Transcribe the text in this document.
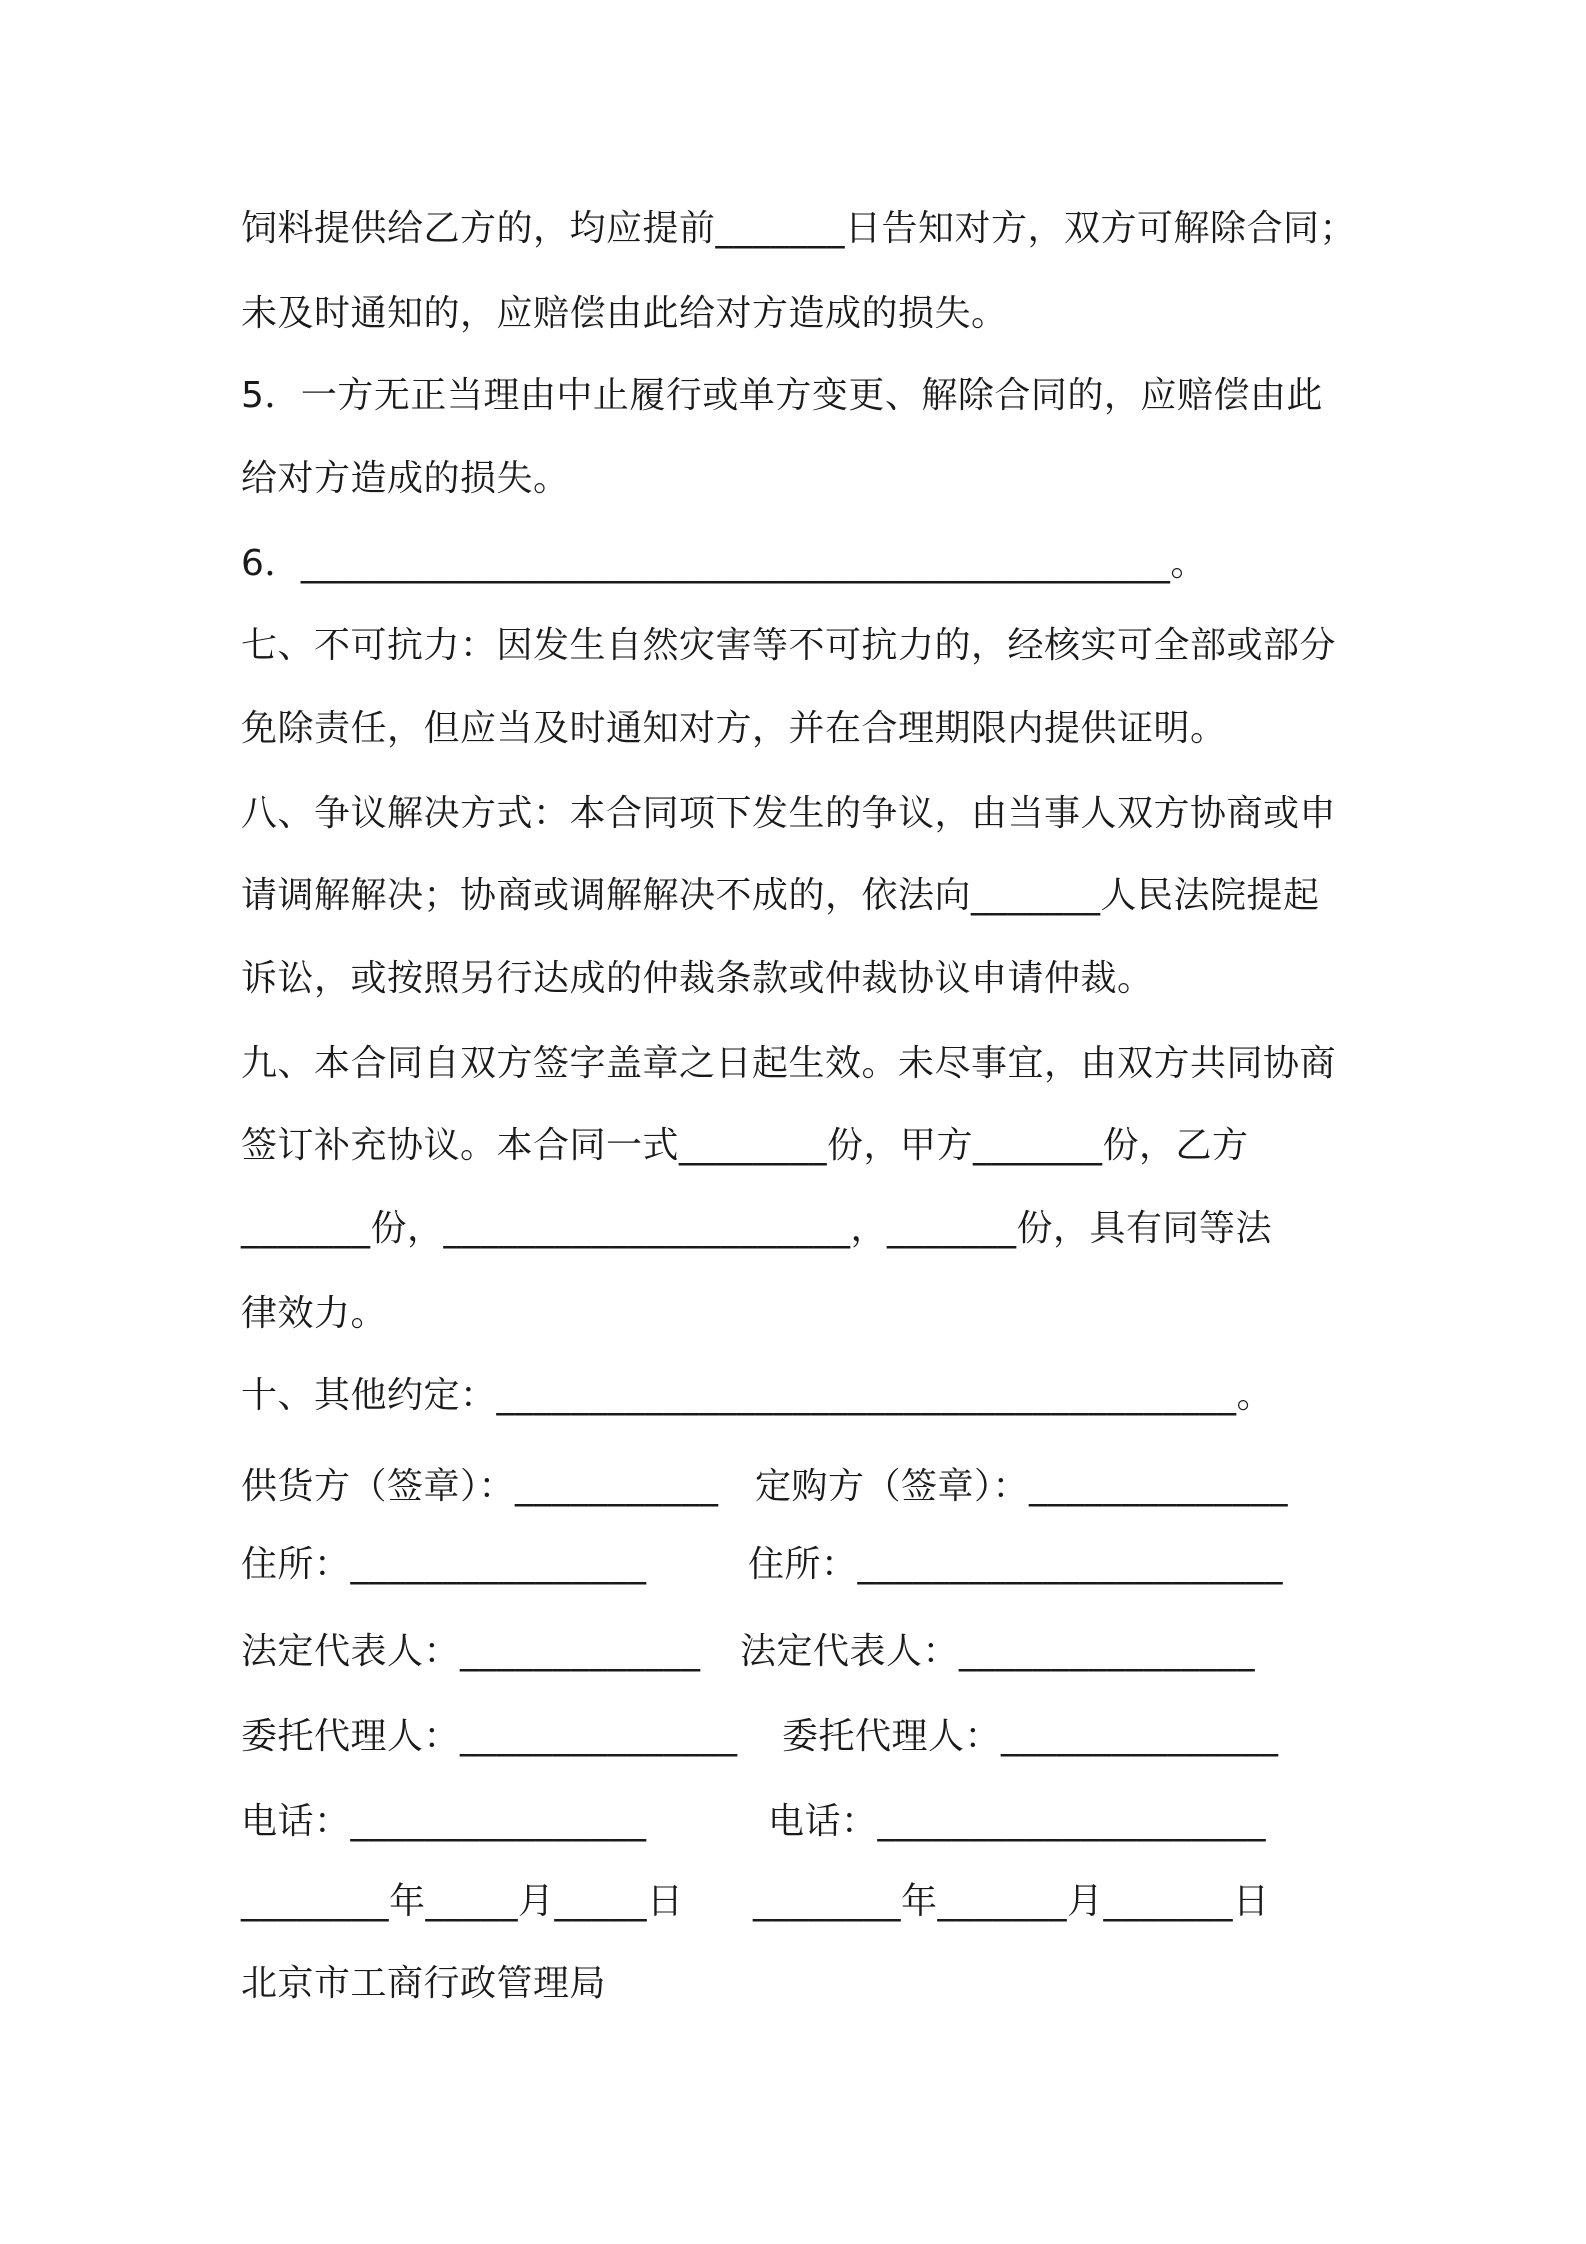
饲料提供给乙方的，均应提前_______日告知对方，双方可解除合同；
未及时通知的，应赔偿由此给对方造成的损失。
5．一方无正当理由中止履行或单方变更、解除合同的，应赔偿由此
给对方造成的损失。
6．_______________________________________________。
七、不可抗力：因发生自然灾害等不可抗力的，经核实可全部或部分
免除责任，但应当及时通知对方，并在合理期限内提供证明。
八、争议解决方式：本合同项下发生的争议，由当事人双方协商或申
请调解解决；协商或调解解决不成的，依法向_______人民法院提起
诉讼，或按照另行达成的仲裁条款或仲裁协议申请仲裁。
九、本合同自双方签字盖章之日起生效。未尽事宜，由双方共同协商
签订补充协议。本合同一式________份，甲方_______份，乙方
_______份，______________________，_______份，具有同等法
律效力。
十、其他约定：________________________________________。
供货方（签章）：___________ 定购方（签章）：______________
住所：________________	住所：_______________________
法定代表人：_____________ 法定代表人：________________
委托代理人：_______________ 委托代理人：_______________
电话：________________	电话：_____________________
________年_____月_____日 ________年_______月_______日
北京市工商行政管理局
